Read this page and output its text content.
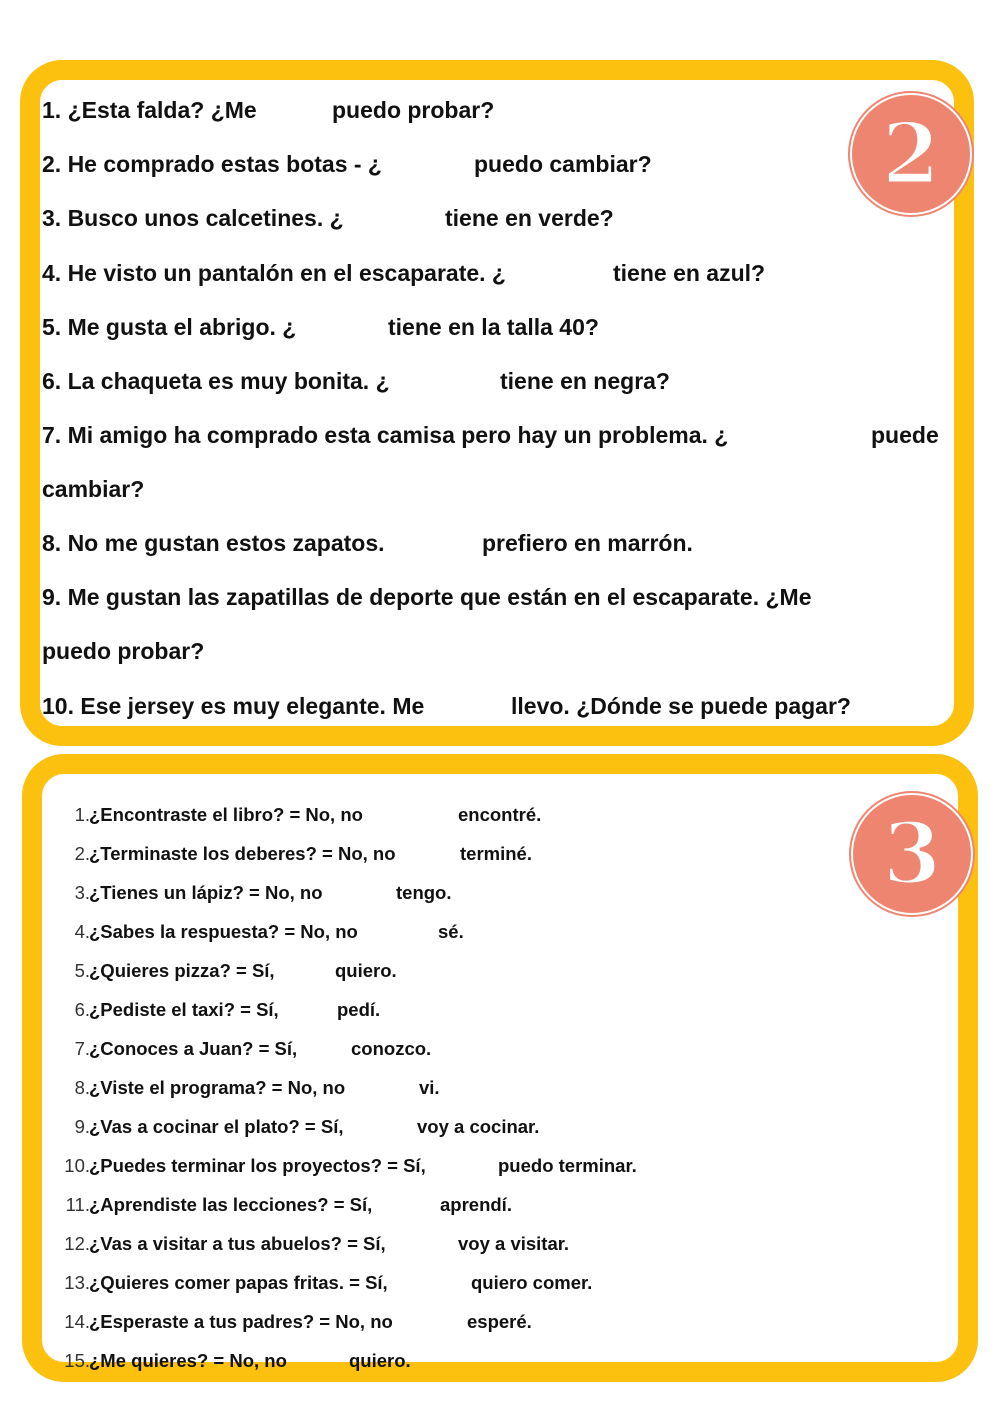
2
1. ¿Esta falda? ¿Me	puedo probar?
2. He comprado estas botas - ¿	puedo cambiar?
3. Busco unos calcetines. ¿	tiene en verde?
4. He visto un pantalón en el escaparate. ¿	tiene en azul?
5. Me gusta el abrigo. ¿	tiene en la talla 40?
6. La chaqueta es muy bonita. ¿	tiene en negra?
7. Mi amigo ha comprado esta camisa pero hay un problema. ¿	puede
cambiar?
8. No me gustan estos zapatos.	prefiero en marrón.
9. Me gustan las zapatillas de deporte que están en el escaparate. ¿Me
puedo probar?
10. Ese jersey es muy elegante. Me	llevo. ¿Dónde se puede pagar?
3
1. ¿Encontraste el libro? = No, no	encontré.
2. ¿Terminaste los deberes? = No, no	terminé.
3. ¿Tienes un lápiz? = No, no	tengo.
4. ¿Sabes la respuesta? = No, no	sé.
5. ¿Quieres pizza? = Sí,	quiero.
6. ¿Pediste el taxi? = Sí,	pedí.
7. ¿Conoces a Juan? = Sí,	conozco.
8. ¿Viste el programa? = No, no	vi.
9. ¿Vas a cocinar el plato? = Sí,	voy a cocinar.
10. ¿Puedes terminar los proyectos? = Sí,	puedo terminar.
11. ¿Aprendiste las lecciones? = Sí,	aprendí.
12. ¿Vas a visitar a tus abuelos? = Sí,	voy a visitar.
13. ¿Quieres comer papas fritas. = Sí,	quiero comer.
14. ¿Esperaste a tus padres? = No, no	esperé.
15. ¿Me quieres? = No, no	quiero.
